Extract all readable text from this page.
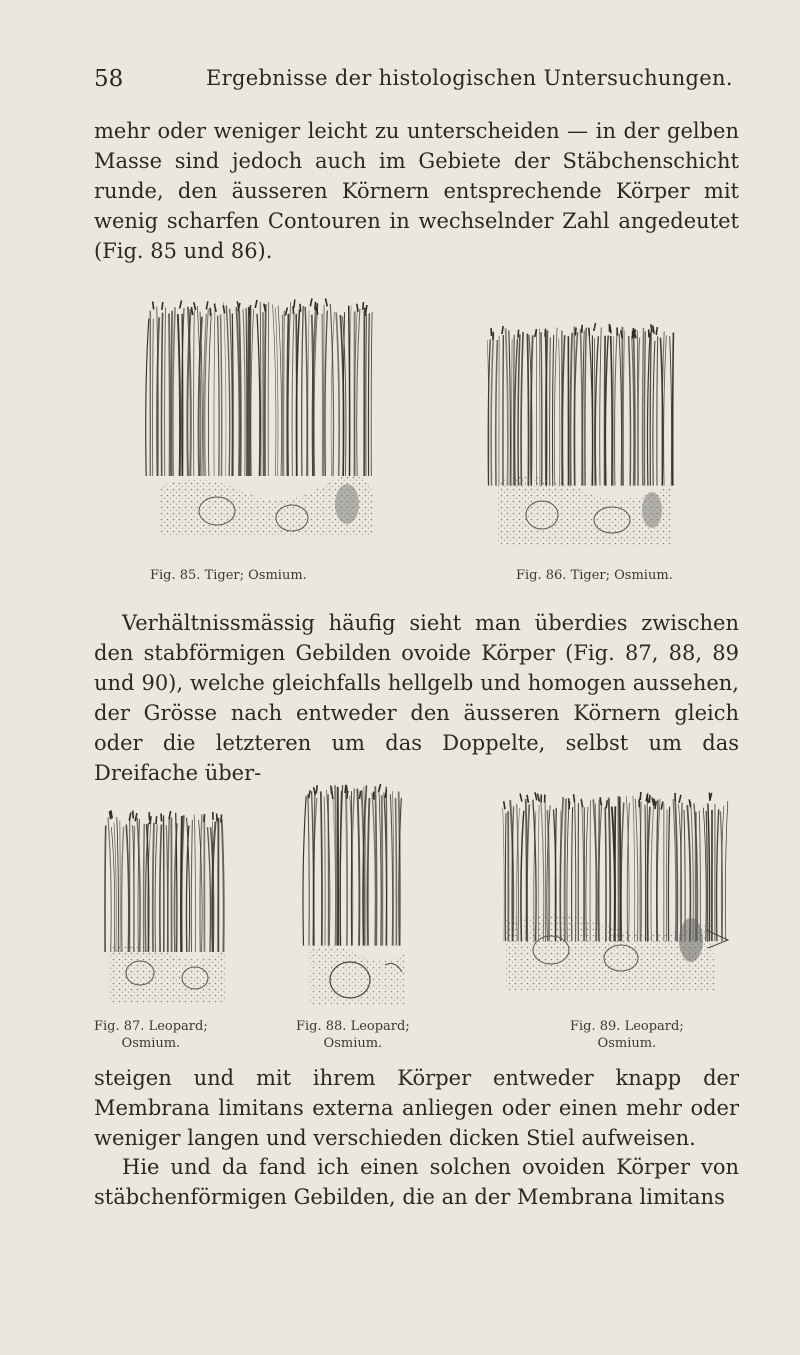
58	Ergebnisse der histologischen Untersuchungen.

mehr oder weniger leicht zu unterscheiden — in der gelben Masse sind jedoch auch im Gebiete der Stäbchenschicht runde, den äusseren Körnern entsprechende Körper mit wenig scharfen Contouren in wechselnder Zahl angedeutet (Fig. 85 und 86).

Fig. 85. Tiger; Osmium.	Fig. 86. Tiger; Osmium.

Verhältnissmässig häufig sieht man überdies zwischen den stabförmigen Gebilden ovoide Körper (Fig. 87, 88, 89 und 90), welche gleichfalls hellgelb und homogen aussehen, der Grösse nach entweder den äusseren Körnern gleich oder die letzteren um das Doppelte, selbst um das Dreifache über-

Fig. 87. Leopard;
Osmium.
Fig. 88. Leopard;
Osmium.
Fig. 89. Leopard;
Osmium.

steigen und mit ihrem Körper entweder knapp der Membrana limitans externa anliegen oder einen mehr oder weniger langen und verschieden dicken Stiel aufweisen.

Hie und da fand ich einen solchen ovoiden Körper von stäbchenförmigen Gebilden, die an der Membrana limitans
